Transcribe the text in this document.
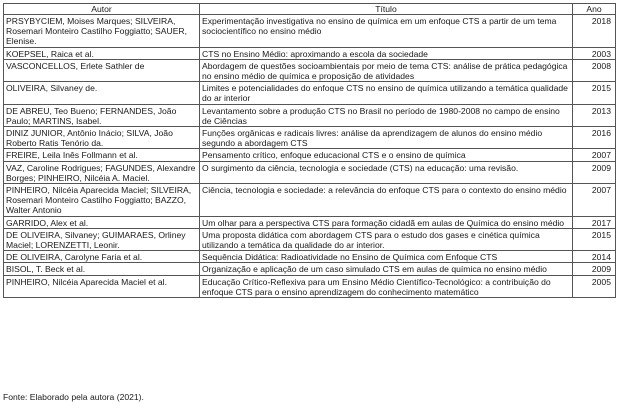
Autor	Título	Ano
PRSYBYCIEM, Moises Marques; SILVEIRA, Rosemari Monteiro Castilho Foggiatto; SAUER, Elenise.	Experimentação investigativa no ensino de química em um enfoque CTS a partir de um tema sociocientífico no ensino médio	2018
KOEPSEL, Raica et al.	CTS no Ensino Médio: aproximando a escola da sociedade	2003
VASCONCELLOS, Erlete Sathler de	Abordagem de questões socioambientais por meio de tema CTS: análise de prática pedagógica no ensino médio de química e proposição de atividades	2008
OLIVEIRA, Silvaney de.	Limites e potencialidades do enfoque CTS no ensino de química utilizando a temática qualidade do ar interior	2015
DE ABREU, Teo Bueno; FERNANDES, João Paulo; MARTINS, Isabel.	Levantamento sobre a produção CTS no Brasil no período de 1980-2008 no campo de ensino de Ciências	2013
DINIZ JUNIOR, Antônio Inácio; SILVA, João Roberto Ratis Tenório da.	Funções orgânicas e radicais livres: análise da aprendizagem de alunos do ensino médio segundo a abordagem CTS	2016
FREIRE, Leila Inês Follmann et al.	Pensamento crítico, enfoque educacional CTS e o ensino de química	2007
VAZ, Caroline Rodrigues; FAGUNDES, Alexandre Borges; PINHEIRO, Nilcéia A. Maciel.	O surgimento da ciência, tecnologia e sociedade (CTS) na educação: uma revisão.	2009
PINHEIRO, Nilcéia Aparecida Maciel; SILVEIRA, Rosemari Monteiro Castilho Foggiatto; BAZZO, Walter Antonio	Ciência, tecnologia e sociedade: a relevância do enfoque CTS para o contexto do ensino médio	2007
GARRIDO, Alex et al.	Um olhar para a perspectiva CTS para formação cidadã em aulas de Química do ensino médio	2017
DE OLIVEIRA, Silvaney; GUIMARAES, Orliney Maciel; LORENZETTI, Leonir.	Uma proposta didática com abordagem CTS para o estudo dos gases e cinética química utilizando a temática da qualidade do ar interior.	2015
DE OLIVEIRA, Carolyne Faria et al.	Sequência Didática: Radioatividade no Ensino de Química com Enfoque CTS	2014
BISOL, T. Beck et al.	Organização e aplicação de um caso simulado CTS em aulas de química no ensino médio	2009
PINHEIRO, Nilcéia Aparecida Maciel et al.	Educação Crítico-Reflexiva para um Ensino Médio Científico-Tecnológico: a contribuição do enfoque CTS para o ensino aprendizagem do conhecimento matemático	2005
Fonte: Elaborado pela autora (2021).
